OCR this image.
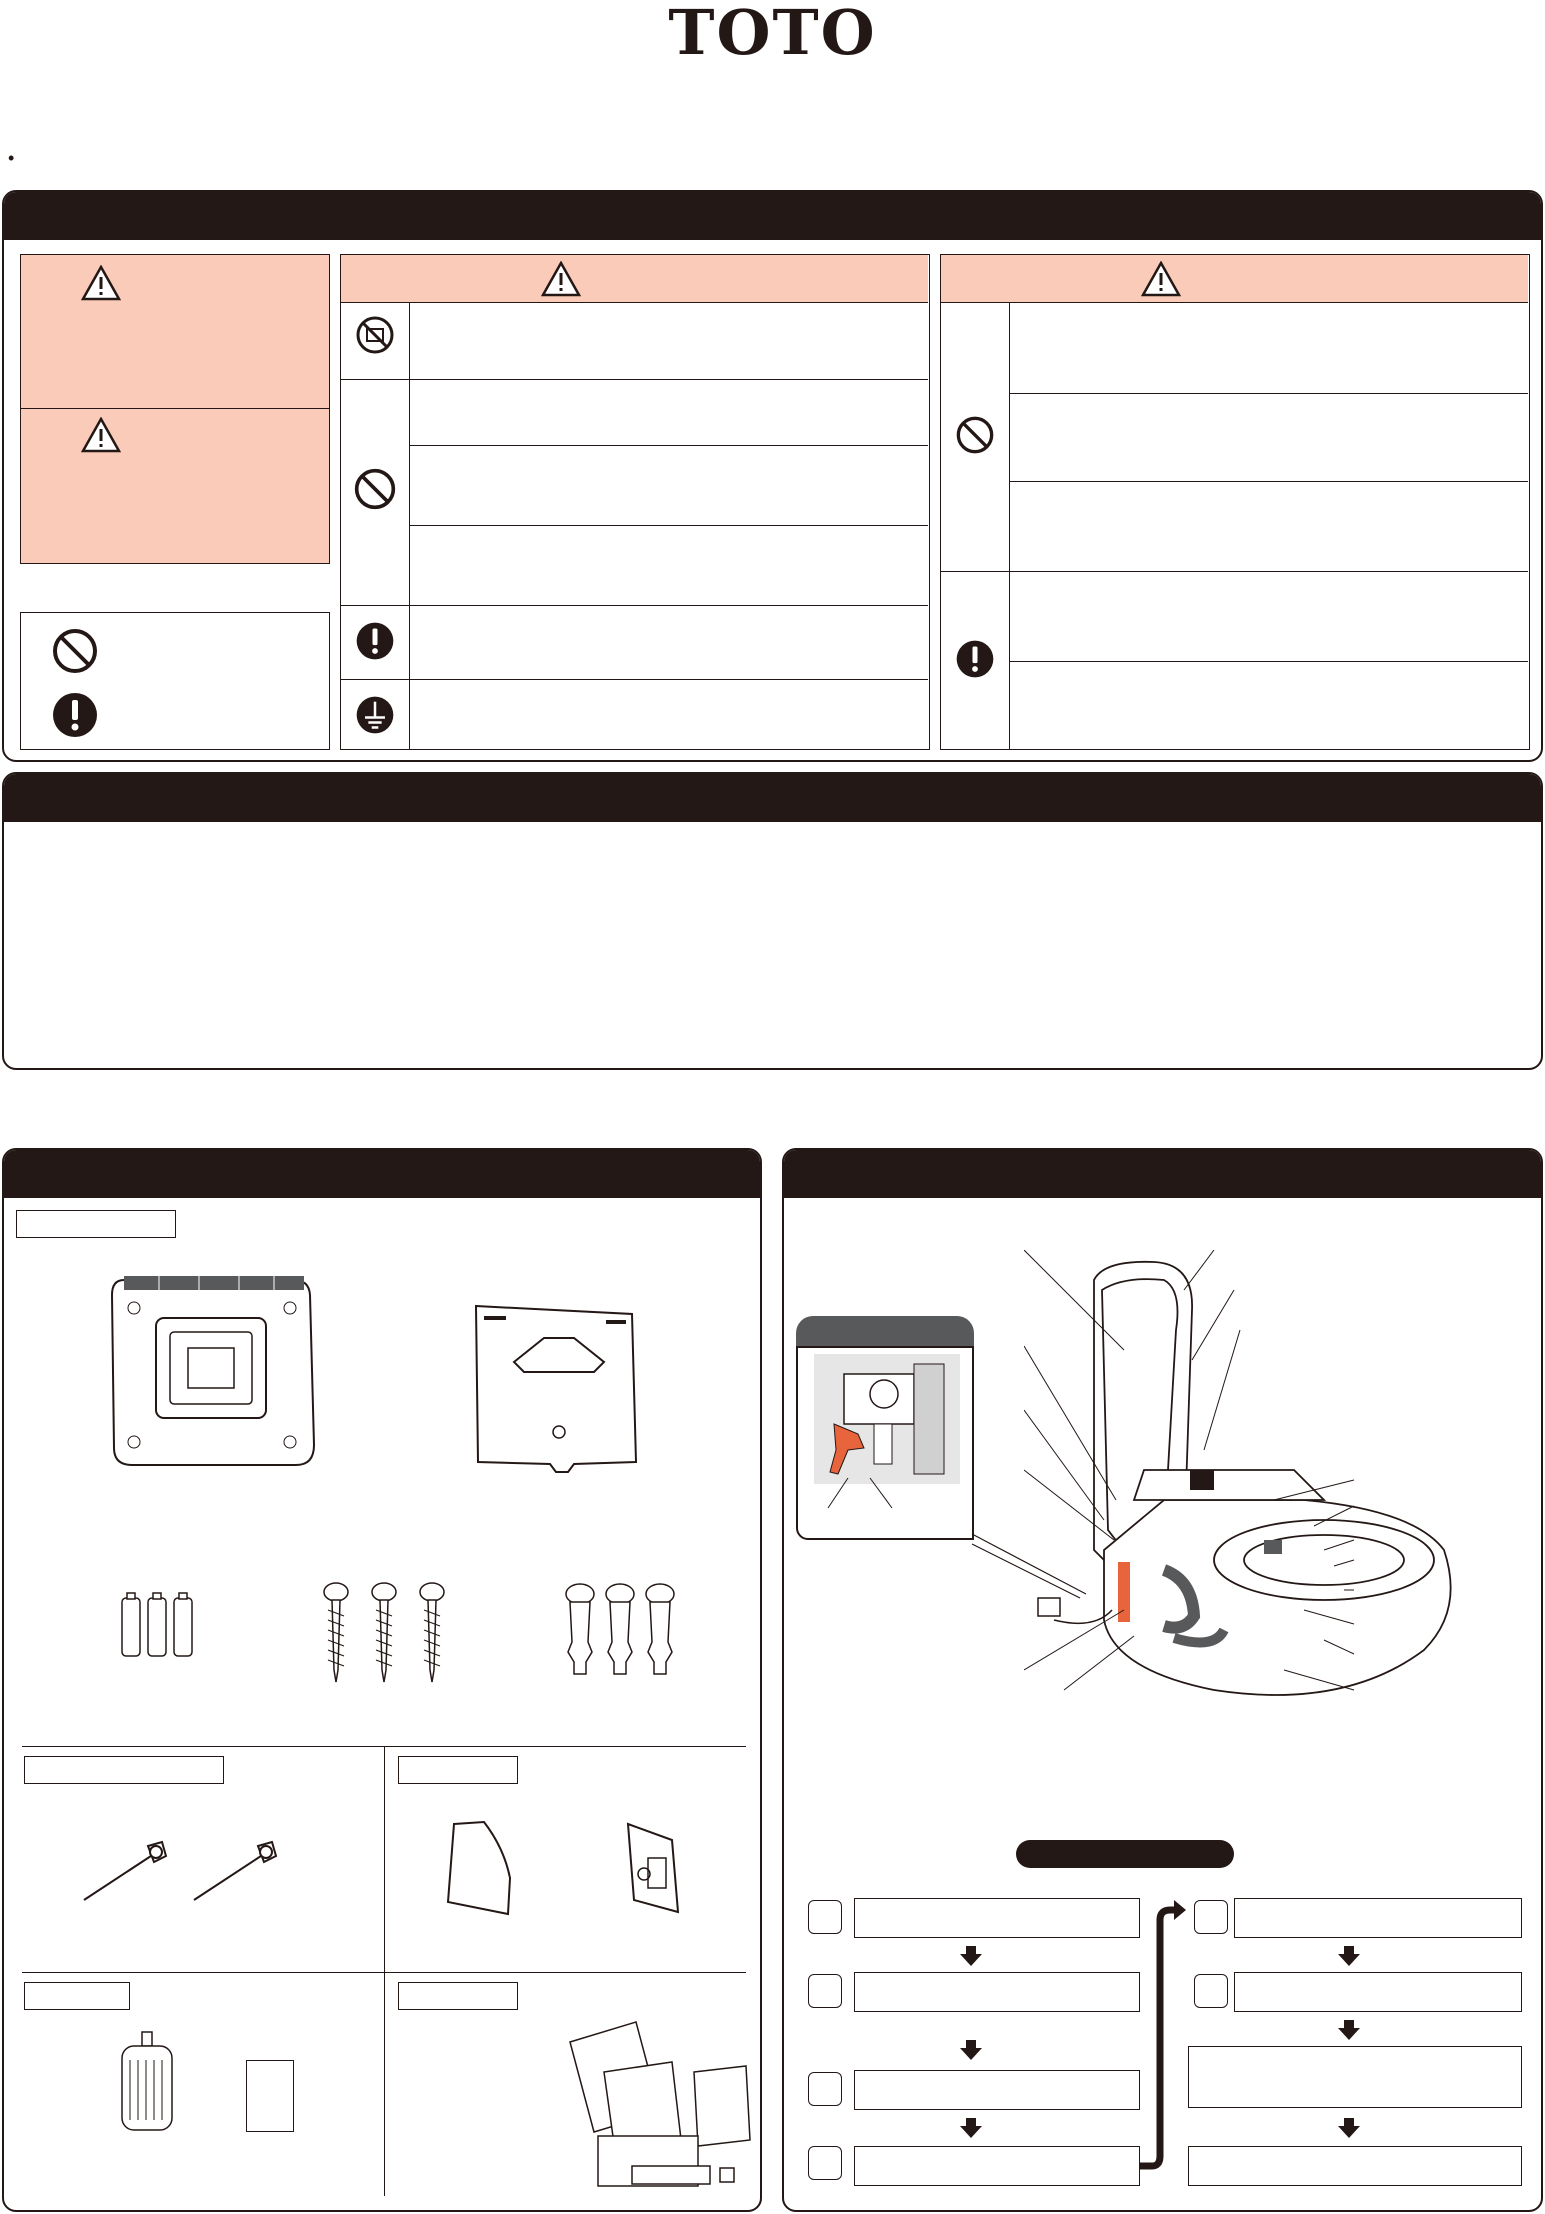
TOTO
•
